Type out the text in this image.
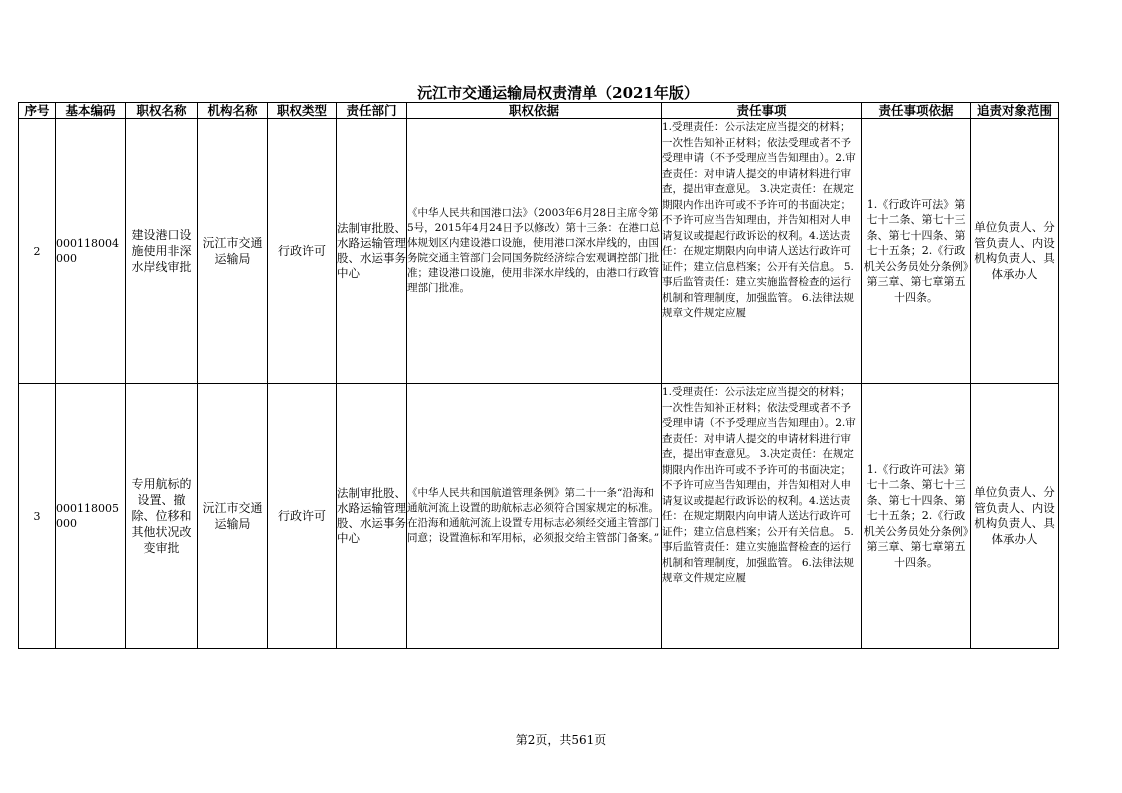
沅江市交通运输局权责清单（2021年版）
序号	基本编码	职权名称	机构名称	职权类型	责任部门	职权依据	责任事项	责任事项依据	追责对象范围
2	000118004000	建设港口设施使用非深水岸线审批	沅江市交通运输局	行政许可	法制审批股、水路运输管理股、水运事务中心	《中华人民共和国港口法》（2003年6月28日主席令第5号，2015年4月24日予以修改）第十三条：在港口总体规划区内建设港口设施，使用港口深水岸线的，由国务院交通主管部门会同国务院经济综合宏观调控部门批准；建设港口设施，使用非深水岸线的，由港口行政管理部门批准。	1.受理责任：公示法定应当提交的材料；一次性告知补正材料；依法受理或者不予受理申请（不予受理应当告知理由）。2.审查责任：对申请人提交的申请材料进行审查，提出审查意见。 3.决定责任：在规定期限内作出许可或不予许可的书面决定；不予许可应当告知理由，并告知相对人申请复议或提起行政诉讼的权利。4.送达责任：在规定期限内向申请人送达行政许可证件；建立信息档案；公开有关信息。 5.事后监管责任：建立实施监督检查的运行机制和管理制度，加强监管。 6.法律法规规章文件规定应履	1.《行政许可法》第七十二条、第七十三条、第七十四条、第七十五条；2.《行政机关公务员处分条例》第三章、第七章第五十四条。	单位负责人、分管负责人、内设机构负责人、具体承办人
3	000118005000	专用航标的设置、撤除、位移和其他状况改变审批	沅江市交通运输局	行政许可	法制审批股、水路运输管理股、水运事务中心	《中华人民共和国航道管理条例》第二十一条“沿海和通航河流上设置的助航标志必须符合国家规定的标准。在沿海和通航河流上设置专用标志必须经交通主管部门同意；设置渔标和军用标，必须报交给主管部门备案。”	1.受理责任：公示法定应当提交的材料；一次性告知补正材料；依法受理或者不予受理申请（不予受理应当告知理由）。2.审查责任：对申请人提交的申请材料进行审查，提出审查意见。 3.决定责任：在规定期限内作出许可或不予许可的书面决定；不予许可应当告知理由，并告知相对人申请复议或提起行政诉讼的权利。4.送达责任：在规定期限内向申请人送达行政许可证件；建立信息档案；公开有关信息。 5.事后监管责任：建立实施监督检查的运行机制和管理制度，加强监管。 6.法律法规规章文件规定应履	1.《行政许可法》第七十二条、第七十三条、第七十四条、第七十五条；2.《行政机关公务员处分条例》第三章、第七章第五十四条。	单位负责人、分管负责人、内设机构负责人、具体承办人
第2页，共561页
